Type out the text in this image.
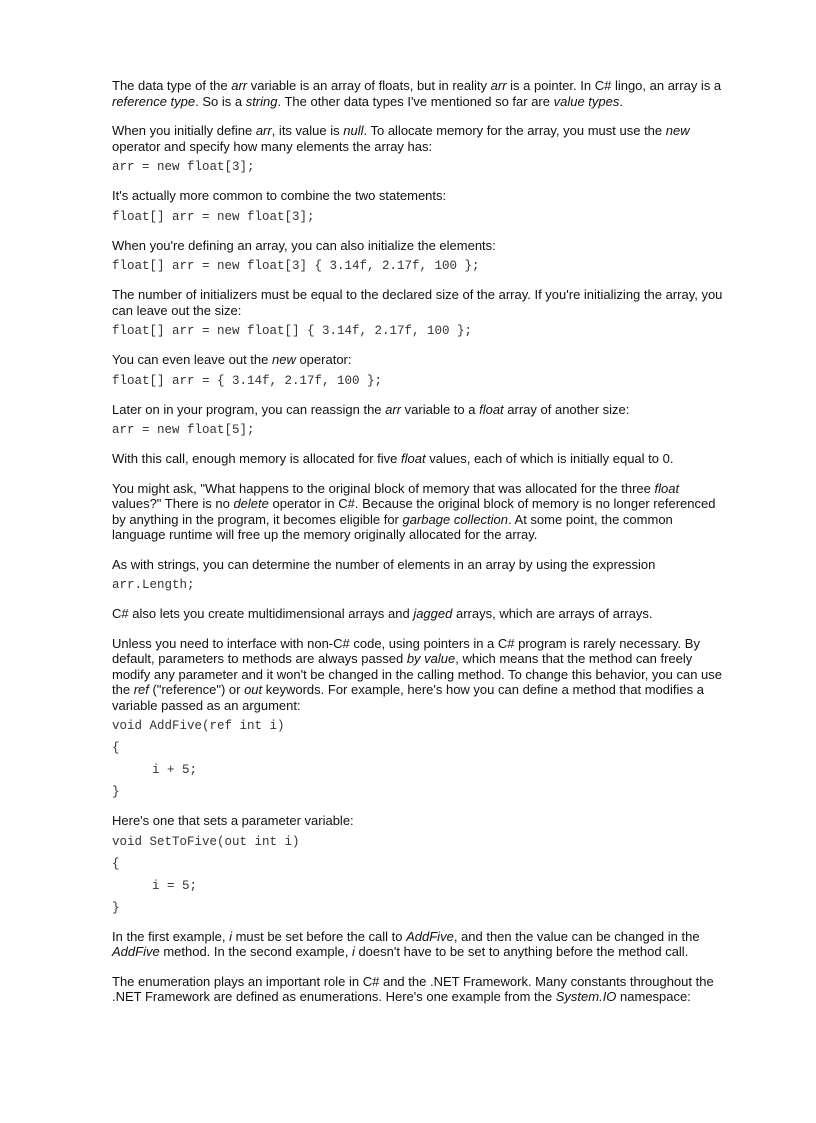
The data type of the arr variable is an array of floats, but in reality arr is a pointer. In C# lingo, an array is a reference type. So is a string. The other data types I've mentioned so far are value types.

When you initially define arr, its value is null. To allocate memory for the array, you must use the new operator and specify how many elements the array has:

arr = new float[3];

It's actually more common to combine the two statements:

float[] arr = new float[3];

When you're defining an array, you can also initialize the elements:

float[] arr = new float[3] { 3.14f, 2.17f, 100 };

The number of initializers must be equal to the declared size of the array. If you're initializing the array, you can leave out the size:

float[] arr = new float[] { 3.14f, 2.17f, 100 };

You can even leave out the new operator:

float[] arr = { 3.14f, 2.17f, 100 };

Later on in your program, you can reassign the arr variable to a float array of another size:

arr = new float[5];

With this call, enough memory is allocated for five float values, each of which is initially equal to 0.

You might ask, "What happens to the original block of memory that was allocated for the three float values?" There is no delete operator in C#. Because the original block of memory is no longer referenced by anything in the program, it becomes eligible for garbage collection. At some point, the common language runtime will free up the memory originally allocated for the array.

As with strings, you can determine the number of elements in an array by using the expression

arr.Length;

C# also lets you create multidimensional arrays and jagged arrays, which are arrays of arrays.

Unless you need to interface with non-C# code, using pointers in a C# program is rarely necessary. By default, parameters to methods are always passed by value, which means that the method can freely modify any parameter and it won't be changed in the calling method. To change this behavior, you can use the ref ("reference") or out keywords. For example, here's how you can define a method that modifies a variable passed as an argument:

void AddFive(ref int i)

{

i + 5;

}

Here's one that sets a parameter variable:

void SetToFive(out int i)

{

i = 5;

}

In the first example, i must be set before the call to AddFive, and then the value can be changed in the AddFive method. In the second example, i doesn't have to be set to anything before the method call.

The enumeration plays an important role in C# and the .NET Framework. Many constants throughout the .NET Framework are defined as enumerations. Here's one example from the System.IO namespace:
